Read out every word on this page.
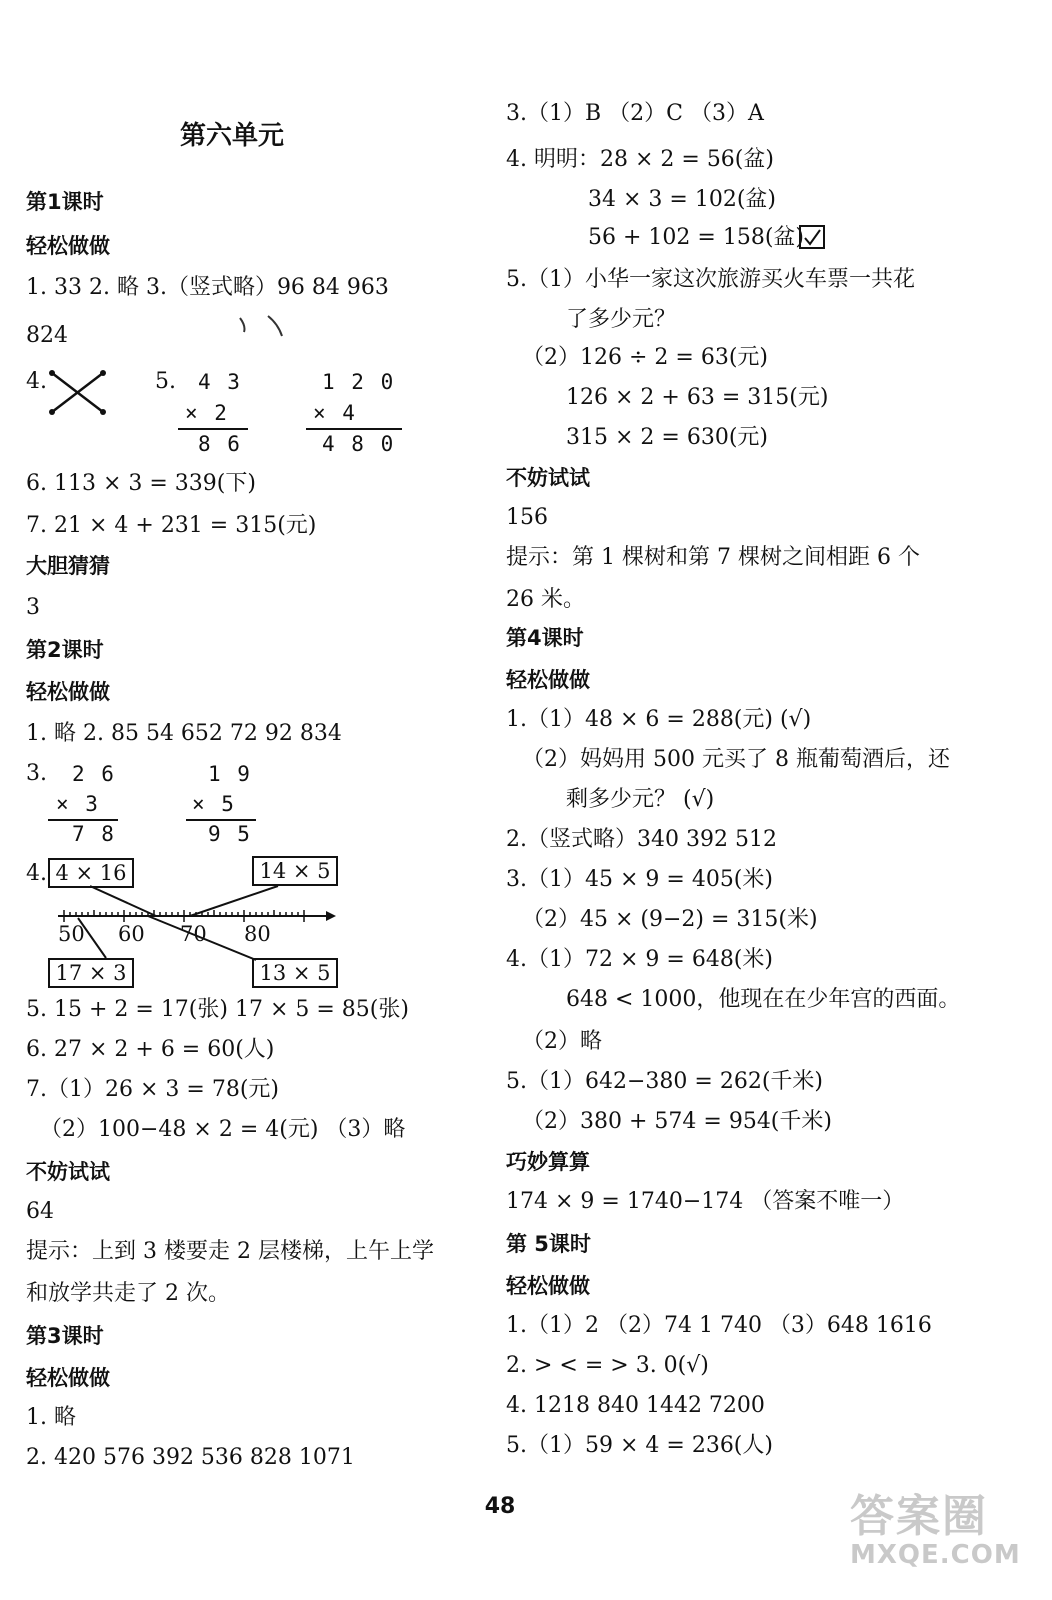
第六单元
第1课时
轻松做做
1. 33 2. 略 3.（竖式略）96 84 963
824
4.	5. 4 3
× 2
8 6
1 2 0
× 4
4 8 0
6. 113 × 3 = 339(下)
7. 21 × 4 + 231 = 315(元)
大胆猜猜
3
第2课时
轻松做做
1. 略 2. 85 54 652 72 92 834
3. 2 6
× 3
7 8
1 9
× 5
9 5
4. 4 × 16	14 × 5
17 × 3	13 × 5
50 60 70 80
5. 15 + 2 = 17(张) 17 × 5 = 85(张)
6. 27 × 2 + 6 = 60(人)
7.（1）26 × 3 = 78(元)
（2）100−48 × 2 = 4(元) （3）略
不妨试试
64
提示：上到 3 楼要走 2 层楼梯，上午上学
和放学共走了 2 次。
第3课时
轻松做做
1. 略
2. 420 576 392 536 828 1071
3.（1）B （2）C （3）A
4. 明明：28 × 2 = 56(盆)
34 × 3 = 102(盆)
56 + 102 = 158(盆)
5.（1）小华一家这次旅游买火车票一共花
了多少元？
（2）126 ÷ 2 = 63(元)
126 × 2 + 63 = 315(元)
315 × 2 = 630(元)
不妨试试
156
提示：第 1 棵树和第 7 棵树之间相距 6 个
26 米。
第4课时
轻松做做
1.（1）48 × 6 = 288(元) (√)
（2）妈妈用 500 元买了 8 瓶葡萄酒后，还
剩多少元？ (√)
2.（竖式略）340 392 512
3.（1）45 × 9 = 405(米)
（2）45 × (9−2) = 315(米)
4.（1）72 × 9 = 648(米)
648 < 1000，他现在在少年宫的西面。
（2）略
5.（1）642−380 = 262(千米)
（2）380 + 574 = 954(千米)
巧妙算算
174 × 9 = 1740−174 （答案不唯一）
第 5课时
轻松做做
1.（1）2 （2）74 1 740 （3）648 1616
2. > < = > 3. 0(√)
4. 1218 840 1442 7200
5.（1）59 × 4 = 236(人)
48	答案圈
MXQE.COM
